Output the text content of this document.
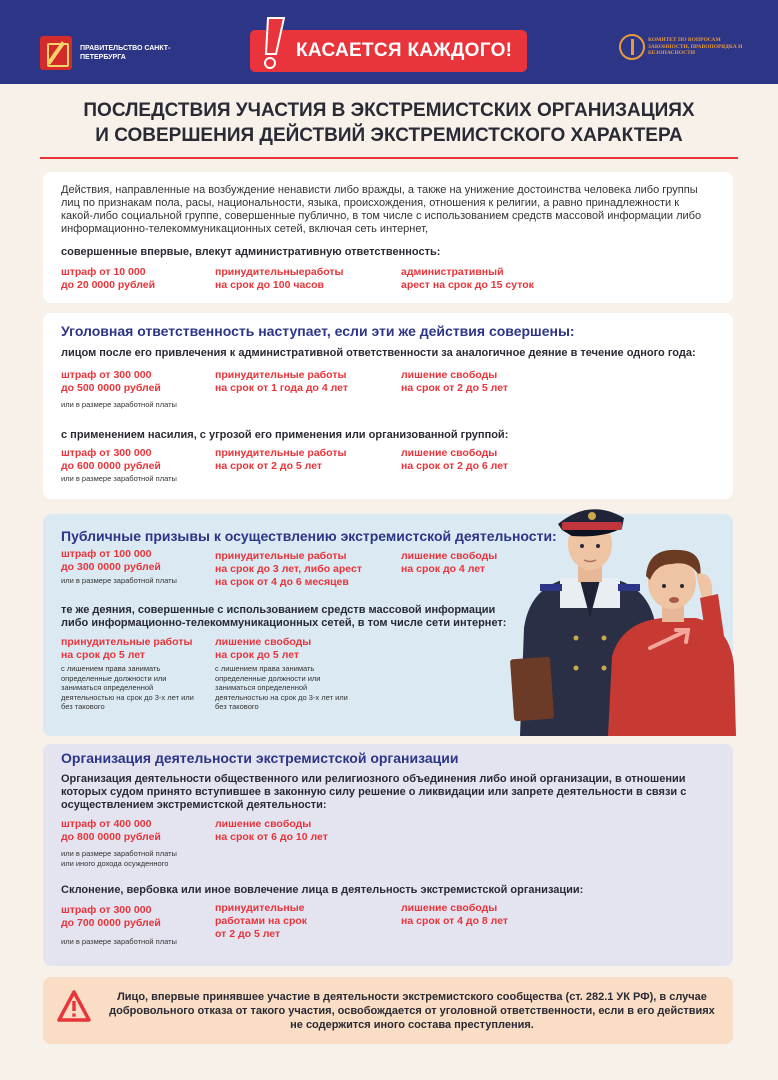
ПРАВИТЕЛЬСТВО САНКТ-ПЕТЕРБУРГА	КАСАЕТСЯ КАЖДОГО!	КОМИТЕТ ПО ВОПРОСАМ ЗАКОННОСТИ, ПРАВОПОРЯДКА И БЕЗОПАСНОСТИ
ПОСЛЕДСТВИЯ УЧАСТИЯ В ЭКСТРЕМИСТСКИХ ОРГАНИЗАЦИЯХ
И СОВЕРШЕНИЯ ДЕЙСТВИЙ ЭКСТРЕМИСТСКОГО ХАРАКТЕРА
Действия, направленные на возбуждение ненависти либо вражды, а также на унижение достоинства человека либо группы лиц по признакам пола, расы, национальности, языка, происхождения, отношения к религии, а равно принадлежности к какой-либо социальной группе, совершенные публично, в том числе с использованием средств массовой информации либо информационно-телекоммуникационных сетей, включая сеть интернет,
совершенные впервые, влекут административную ответственность:
штраф от 10 000
до 20 0000 рублей
принудительныеработы
на срок до 100 часов
административный
арест на срок до 15 суток
Уголовная ответственность наступает, если эти же действия совершены:
лицом после его привлечения к административной ответственности за аналогичное деяние в течение одного года:
штраф от 300 000
до 500 0000 рублей
или в размере заработной платы
принудительные работы
на срок от 1 года до 4 лет
лишение свободы
на срок от 2 до 5 лет
с применением насилия, с угрозой его применения или организованной группой:
штраф от 300 000
до 600 0000 рублей
или в размере заработной платы
принудительные работы
на срок от 2 до 5 лет
лишение свободы
на срок от 2 до 6 лет
Публичные призывы к осуществлению экстремистской деятельности:
штраф от 100 000
до 300 0000 рублей
или в размере заработной платы
принудительные работы
на срок до 3 лет, либо арест
на срок от 4 до 6 месяцев
лишение свободы
на срок до 4 лет
те же деяния, совершенные с использованием средств массовой информации либо информационно-телекоммуникационных сетей, в том числе сети интернет:
принудительные работы
на срок до 5 лет
с лишением права занимать определенные должности или заниматься определенной деятельностью на срок до 3-х лет или без такового
лишение свободы
на срок до 5 лет
с лишением права занимать определенные должности или заниматься определенной деятельностью на срок до 3-х лет или без такового
Организация деятельности экстремистской организации
Организация деятельности общественного или религиозного объединения либо иной организации, в отношении которых судом принято вступившее в законную силу решение о ликвидации или запрете деятельности в связи с осуществлением экстремистской деятельности:
штраф от 400 000
до 800 0000 рублей
или в размере заработной платы или иного дохода осужденного
лишение свободы
на срок от 6 до 10 лет
Склонение, вербовка или иное вовлечение лица в деятельность экстремистской организации:
штраф от 300 000
до 700 0000 рублей
или в размере заработной платы
принудительные
работами на срок
от 2 до 5 лет
лишение свободы
на срок от 4 до 8 лет
Лицо, впервые принявшее участие в деятельности экстремистского сообщества (ст. 282.1 УК РФ), в случае добровольного отказа от такого участия, освобождается от уголовной ответственности, если в его действиях не содержится иного состава преступления.
